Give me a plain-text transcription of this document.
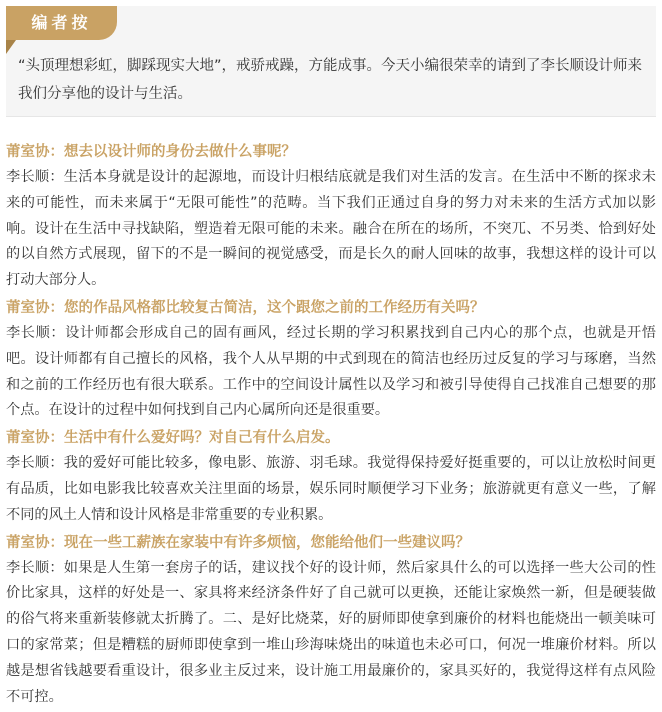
编者按
“头顶理想彩虹，脚踩现实大地”，戒骄戒躁，方能成事。今天小编很荣幸的请到了李长顺设计师来我们分享他的设计与生活。

莆室协：想去以设计师的身份去做什么事呢？

李长顺：生活本身就是设计的起源地，而设计归根结底就是我们对生活的发言。在生活中不断的探求未来的可能性，而未来属于“无限可能性”的范畴。当下我们正通过自身的努力对未来的生活方式加以影响。设计在生活中寻找缺陷，塑造着无限可能的未来。融合在所在的场所，不突兀、不另类、恰到好处的以自然方式展现，留下的不是一瞬间的视觉感受，而是长久的耐人回味的故事，我想这样的设计可以打动大部分人。

莆室协：您的作品风格都比较复古简洁，这个跟您之前的工作经历有关吗？

李长顺：设计师都会形成自己的固有画风，经过长期的学习积累找到自己内心的那个点，也就是开悟吧。设计师都有自己擅长的风格，我个人从早期的中式到现在的简洁也经历过反复的学习与琢磨，当然和之前的工作经历也有很大联系。工作中的空间设计属性以及学习和被引导使得自己找准自己想要的那个点。在设计的过程中如何找到自己内心属所向还是很重要。

莆室协：生活中有什么爱好吗？对自己有什么启发。

李长顺：我的爱好可能比较多，像电影、旅游、羽毛球。我觉得保持爱好挺重要的，可以让放松时间更有品质，比如电影我比较喜欢关注里面的场景，娱乐同时顺便学习下业务；旅游就更有意义一些，了解不同的风土人情和设计风格是非常重要的专业积累。

莆室协：现在一些工薪族在家装中有许多烦恼，您能给他们一些建议吗？

李长顺：如果是人生第一套房子的话，建议找个好的设计师，然后家具什么的可以选择一些大公司的性价比家具，这样的好处是一、家具将来经济条件好了自己就可以更换，还能让家焕然一新，但是硬装做的俗气将来重新装修就太折腾了。二、是好比烧菜，好的厨师即使拿到廉价的材料也能烧出一顿美味可口的家常菜；但是糟糕的厨师即使拿到一堆山珍海味烧出的味道也未必可口，何况一堆廉价材料。所以越是想省钱越要看重设计，很多业主反过来，设计施工用最廉价的，家具买好的，我觉得这样有点风险不可控。
